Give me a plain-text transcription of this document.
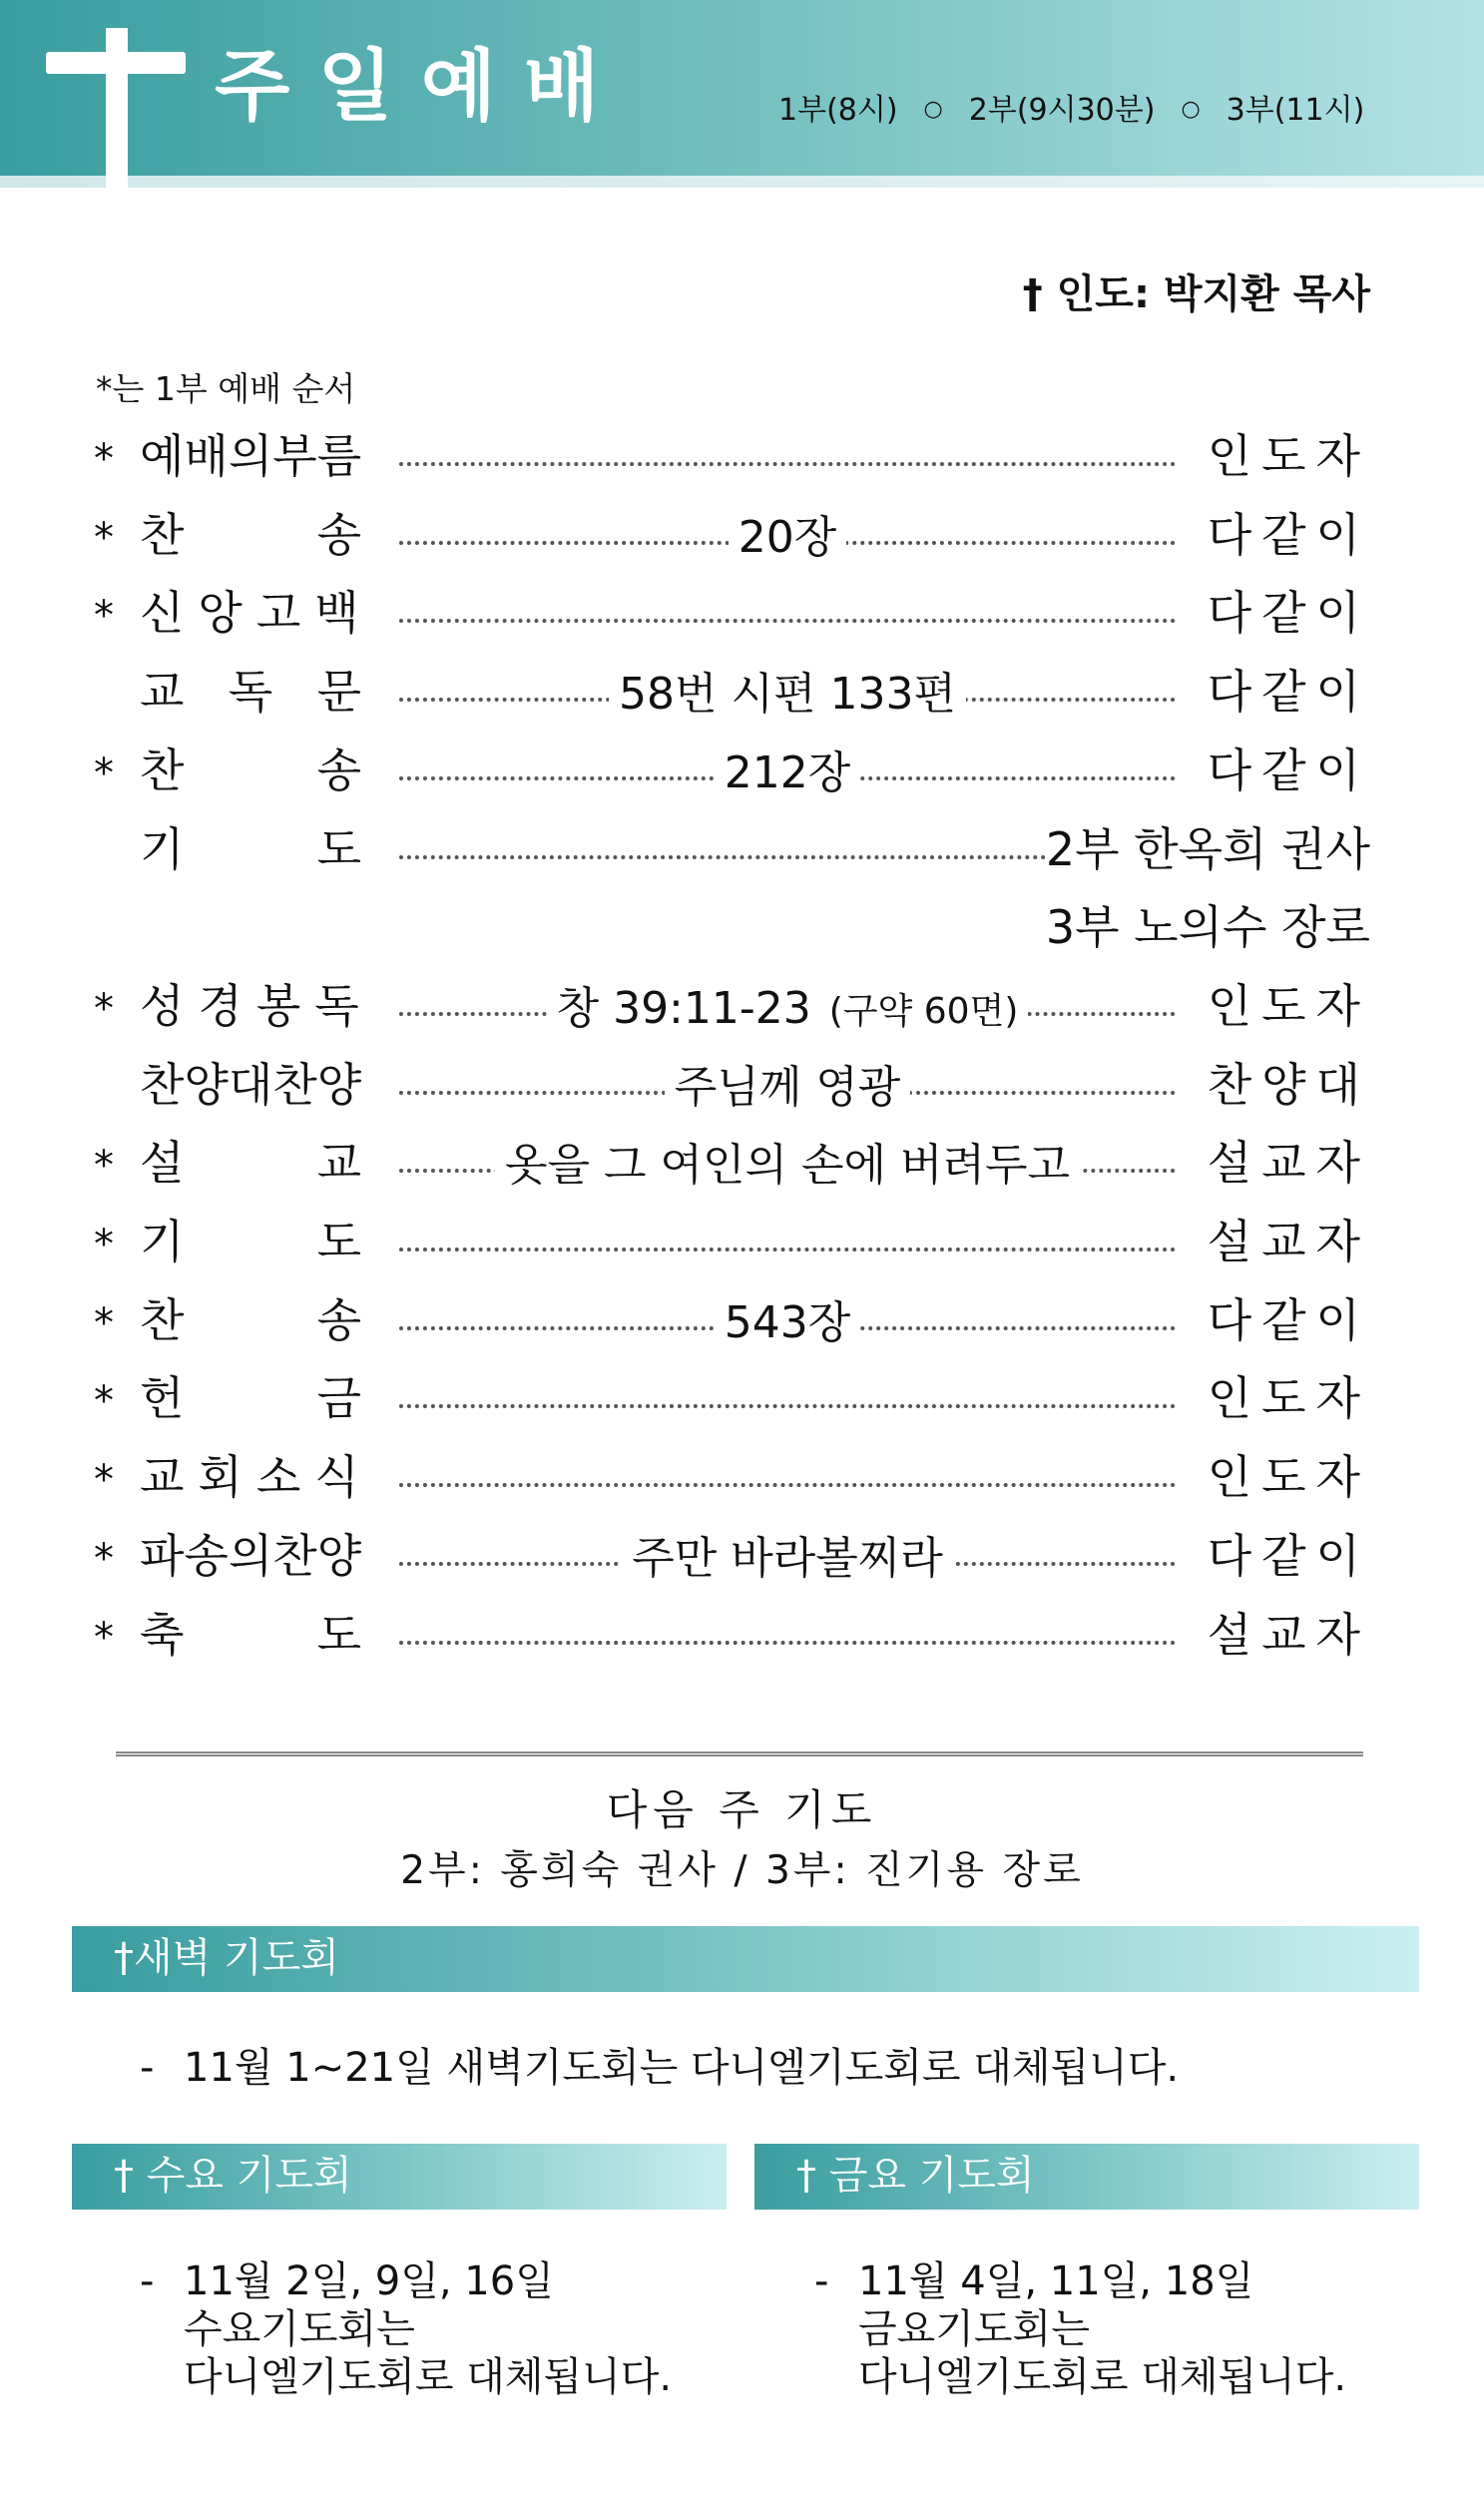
주일예배	1부(8시) ○ 2부(9시30분) ○ 3부(11시)
† 인도: 박지환 목사
*는 1부 예배 순서
* 예배의부름	인도자
* 찬	송	20장	다같이
* 신앙고백	다같이
교 독 문	58번 시편 133편	다같이
* 찬	송	212장	다같이
기	도	2부 한옥희 권사
3부 노의수 장로
* 성경봉독	창 39:11-23 (구약 60면)	인도자
찬양대찬양	주님께 영광	찬양대
* 설	교	옷을 그 여인의 손에 버려두고	설교자
* 기	도	설교자
* 찬	송	543장	다같이
* 헌	금	인도자
* 교회소식	인도자
* 파송의찬양	주만 바라볼찌라	다같이
* 축	도	설교자
다음 주 기도
2부: 홍희숙 권사 / 3부: 진기용 장로
†새벽 기도회
- 11월 1~21일 새벽기도회는 다니엘기도회로 대체됩니다.
† 수요 기도회
- 11월 2일, 9일, 16일
수요기도회는
다니엘기도회로 대체됩니다.
† 금요 기도회
- 11월 4일, 11일, 18일
금요기도회는
다니엘기도회로 대체됩니다.
